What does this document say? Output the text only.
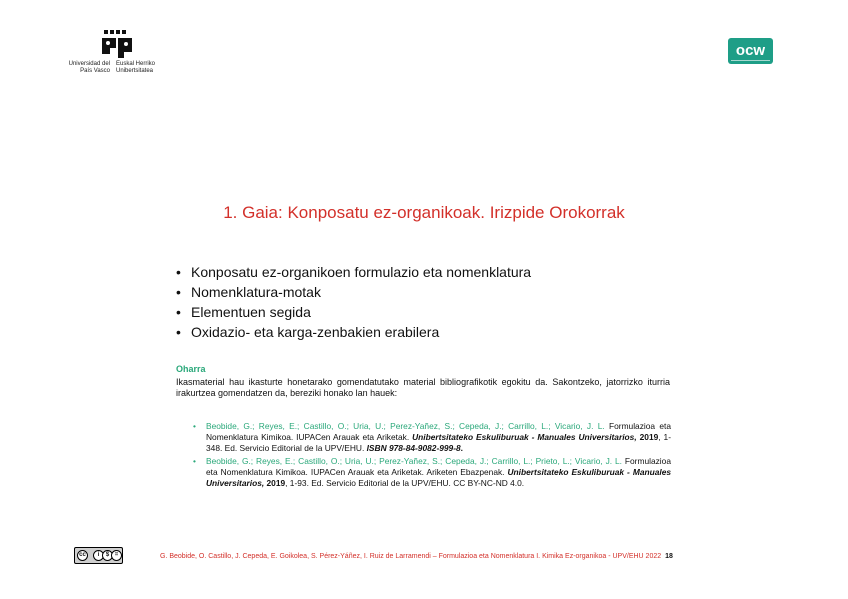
Universidad del País Vasco
Euskal Herriko Unibertsitatea
ocw
1. Gaia: Konposatu ez-organikoak. Irizpide Orokorrak
• Konposatu ez-organikoen formulazio eta nomenklatura
• Nomenklatura-motak
• Elementuen segida
• Oxidazio- eta karga-zenbakien erabilera
Oharra
Ikasmaterial hau ikasturte honetarako gomendatutako material bibliografikotik egokitu da. Sakontzeko, jatorrizko iturria irakurtzea gomendatzen da, bereziki honako lan hauek:
• Beobide, G.; Reyes, E.; Castillo, O.; Uria, U.; Perez-Yañez, S.; Cepeda, J.; Carrillo, L.; Vicario, J. L. Formulazioa eta Nomenklatura Kimikoa. IUPACen Arauak eta Ariketak. Unibertsitateko Eskuliburuak - Manuales Universitarios, 2019, 1-348. Ed. Servicio Editorial de la UPV/EHU. ISBN 978-84-9082-999-8.
• Beobide, G.; Reyes, E.; Castillo, O.; Uria, U.; Perez-Yañez, S.; Cepeda, J.; Carrillo, L.; Prieto, L.; Vicario, J. L. Formulazioa eta Nomenklatura Kimikoa. IUPACen Arauak eta Ariketak. Ariketen Ebazpenak. Unibertsitateko Eskuliburuak - Manuales Universitarios, 2019, 1-93. Ed. Servicio Editorial de la UPV/EHU. CC BY-NC-ND 4.0.
cc	i	$ =	G. Beobide, O. Castillo, J. Cepeda, E. Goikolea, S. Pérez-Yáñez, I. Ruiz de Larramendi – Formulazioa eta Nomenklatura I. Kimika Ez-organikoa - UPV/EHU 2022 18
